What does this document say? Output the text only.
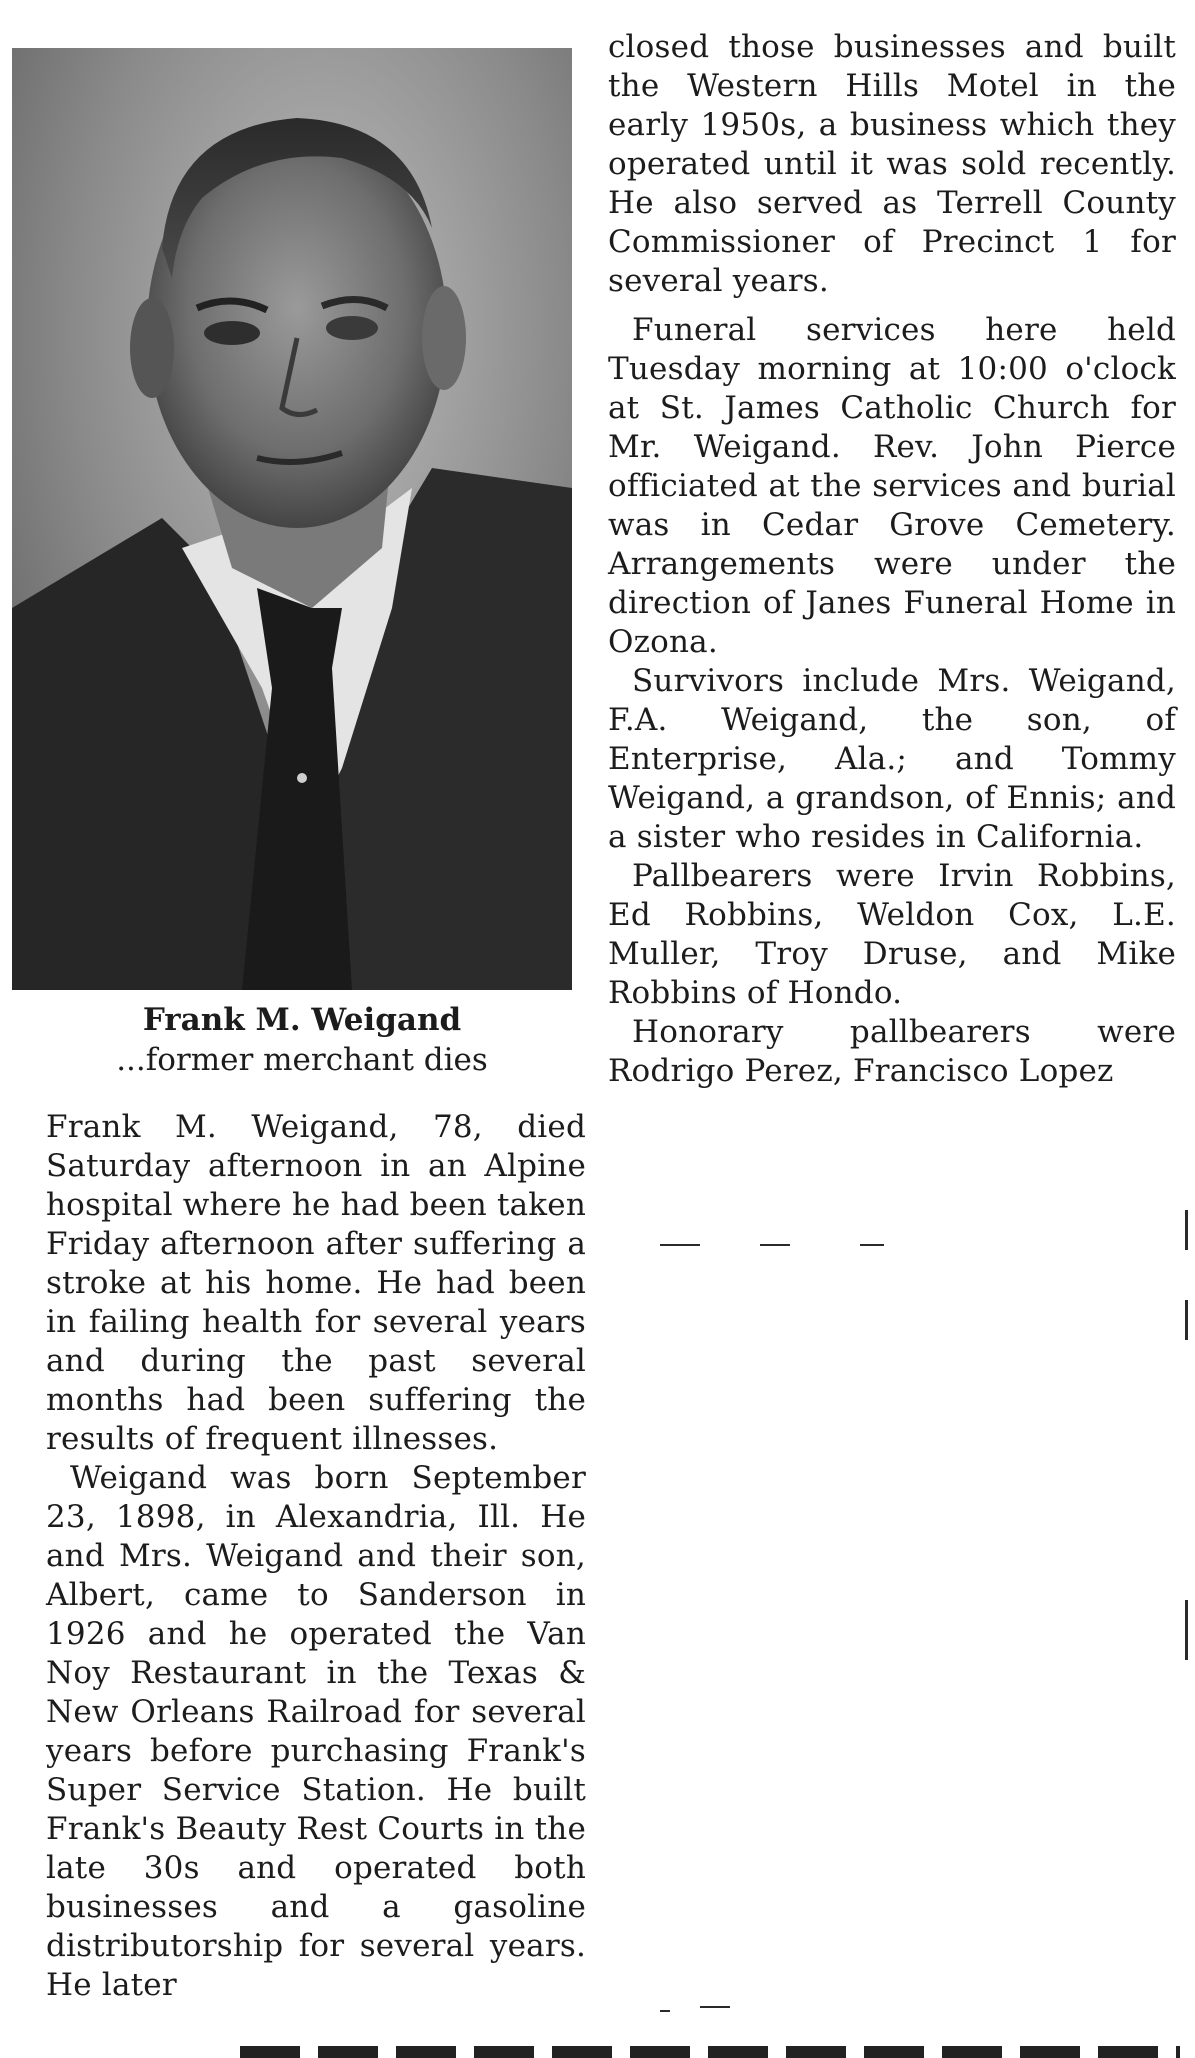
Frank M. Weigand
...former merchant dies

Frank M. Weigand, 78, died Saturday afternoon in an Alpine hospital where he had been taken Friday afternoon after suffering a stroke at his home. He had been in failing health for several years and during the past several months had been suffering the results of frequent illnesses.

Weigand was born September 23, 1898, in Alexandria, Ill. He and Mrs. Weigand and their son, Albert, came to Sanderson in 1926 and he operated the Van Noy Restaurant in the Texas & New Orleans Railroad for several years before purchasing Frank's Super Service Station. He built Frank's Beauty Rest Courts in the late 30s and operated both businesses and a gasoline distributorship for several years. He later

closed those businesses and built the Western Hills Motel in the early 1950s, a business which they operated until it was sold recently. He also served as Terrell County Commissioner of Precinct 1 for several years.

Funeral services here held Tuesday morning at 10:00 o'clock at St. James Catholic Church for Mr. Weigand. Rev. John Pierce officiated at the services and burial was in Cedar Grove Cemetery. Arrangements were under the direction of Janes Funeral Home in Ozona.

Survivors include Mrs. Weigand, F.A. Weigand, the son, of Enterprise, Ala.; and Tommy Weigand, a grandson, of Ennis; and a sister who resides in California.

Pallbearers were Irvin Robbins, Ed Robbins, Weldon Cox, L.E. Muller, Troy Druse, and Mike Robbins of Hondo.

Honorary pallbearers were Rodrigo Perez, Francisco Lopez
